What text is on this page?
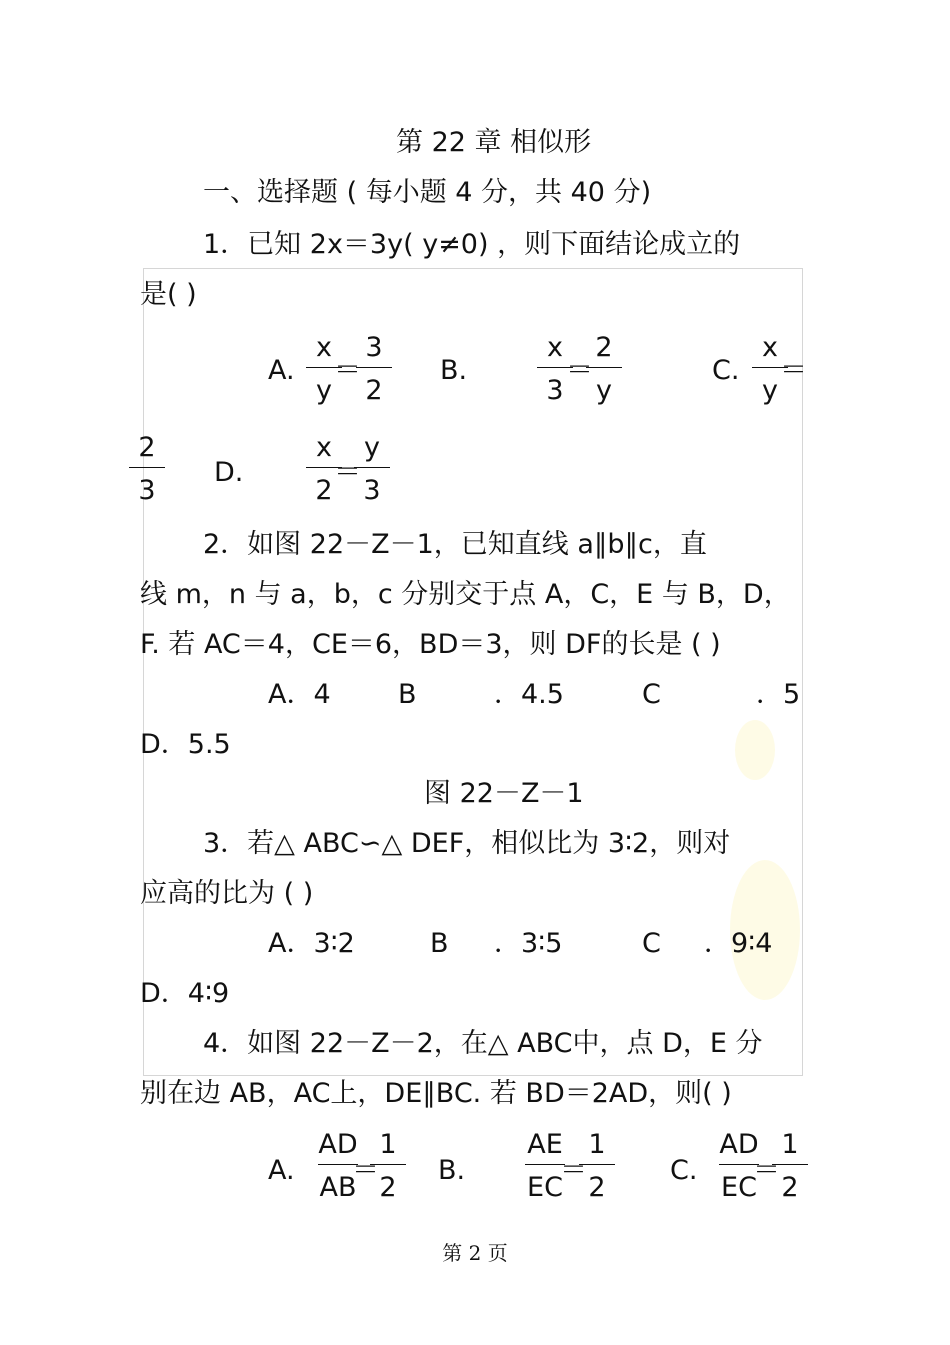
第 22 章 相似形
一、选择题 ( 每小题 4 分，共 40 分)
1．已知 2x＝3y( y≠0) ，则下面结论成立的
是( )
A.
x
y
＝
3
2
B.
x
3
＝
2
y
C.
x
y
＝
2
3
D.
x
2
＝
y
3
2．如图 22－Z－1，已知直线 a∥b∥c，直
线 m，n 与 a，b，c 分别交于点 A，C，E 与 B，D，
F. 若 AC＝4，CE＝6，BD＝3，则 DF的长是 ( )
A．4 B	．4.5	C	．5
D．5.5
图 22－Z－1
3．若△ ABC∽△ DEF，相似比为 3∶2，则对
应高的比为 ( )
A．3∶2	B ．3∶5	C ．9∶4
D．4∶9
4．如图 22－Z－2，在△ ABC中，点 D，E 分
别在边 AB，AC上，DE∥BC. 若 BD＝2AD，则( )
A.
AD
AB
＝
1
2
B.
AE
EC
＝
1
2
C.
AD
EC
＝
1
2
第 2 页
